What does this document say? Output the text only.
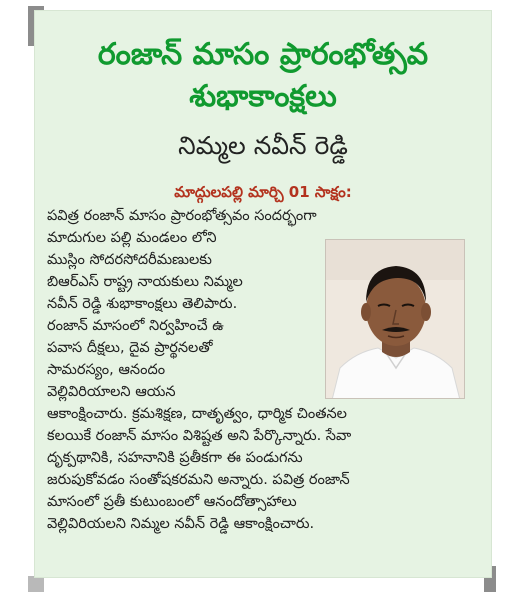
రంజాన్ మాసం ప్రారంభోత్సవ
శుభాకాంక్షలు
నిమ్మల నవీన్ రెడ్డి
మాద్గులపల్లి మార్చి 01 సాక్షం:
పవిత్ర రంజాన్ మాసం ప్రారంభోత్సవం సందర్భంగా
మాదుగుల పల్లి మండలం లోని
ముస్లిం సోదరసోదరీమణులకు
బిఆర్ఎస్ రాష్ట్ర నాయకులు నిమ్మల
నవీన్ రెడ్డి శుభాకాంక్షలు తెలిపారు.
రంజాన్ మాసంలో నిర్వహించే ఉ
పవాస దీక్షలు, దైవ ప్రార్థనలతో
సామరస్యం, ఆనందం
వెల్లివిరియాలని ఆయన
ఆకాంక్షించారు. క్రమశిక్షణ, దాతృత్వం, ధార్మిక చింతనల
కలయికే రంజాన్ మాసం విశిష్టత అని పేర్కొన్నారు. సేవా
దృక్పథానికి, సహనానికి ప్రతీకగా ఈ పండుగను
జరుపుకోవడం సంతోషకరమని అన్నారు. పవిత్ర రంజాన్
మాసంలో ప్రతీ కుటుంబంలో ఆనందోత్సాహాలు
వెల్లివిరియలని నిమ్మల నవీన్ రెడ్డి ఆకాంక్షించారు.
